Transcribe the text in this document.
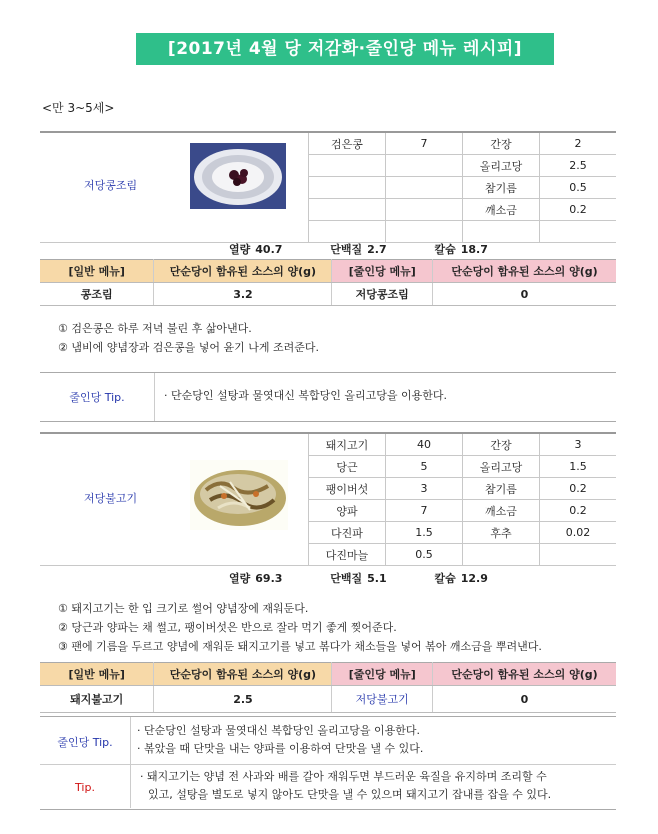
[2017년 4월 당 저감화·줄인당 메뉴 레시피]
<만 3~5세>
저당콩조림	검은콩	7	간장	2
			올리고당	2.5
			참기름	0.5
			깨소금	0.2

열량 40.7	단백질 2.7	칼슘 18.7
[일반 메뉴]	단순당이 함유된 소스의 양(g)	[줄인당 메뉴]	단순당이 함유된 소스의 양(g)
콩조림	3.2	저당콩조림	0
① 검은콩은 하루 저녁 불린 후 삶아낸다.
② 냄비에 양념장과 검은콩을 넣어 윤기 나게 조려준다.
줄인당 Tip.	· 단순당인 설탕과 물엿대신 복합당인 올리고당을 이용한다.
저당불고기	돼지고기	40	간장	3
	당근	5	올리고당	1.5
	팽이버섯	3	참기름	0.2
	양파	7	깨소금	0.2
	다진파	1.5	후추	0.02
	다진마늘	0.5		
열량 69.3	단백질 5.1	칼슘 12.9
① 돼지고기는 한 입 크기로 썰어 양념장에 재워둔다.
② 당근과 양파는 채 썰고, 팽이버섯은 반으로 잘라 먹기 좋게 찢어준다.
③ 팬에 기름을 두르고 양념에 재워둔 돼지고기를 넣고 볶다가 채소들을 넣어 볶아 깨소금을 뿌려낸다.
[일반 메뉴]	단순당이 함유된 소스의 양(g)	[줄인당 메뉴]	단순당이 함유된 소스의 양(g)
돼지불고기	2.5	저당불고기	0
줄인당 Tip.
· 단순당인 설탕과 물엿대신 복합당인 올리고당을 이용한다.
· 볶았을 때 단맛을 내는 양파를 이용하여 단맛을 낼 수 있다.
Tip.
· 돼지고기는 양념 전 사과와 배를 갈아 재워두면 부드러운 육질을 유지하며 조리할 수
있고, 설탕을 별도로 넣지 않아도 단맛을 낼 수 있으며 돼지고기 잡내를 잡을 수 있다.
